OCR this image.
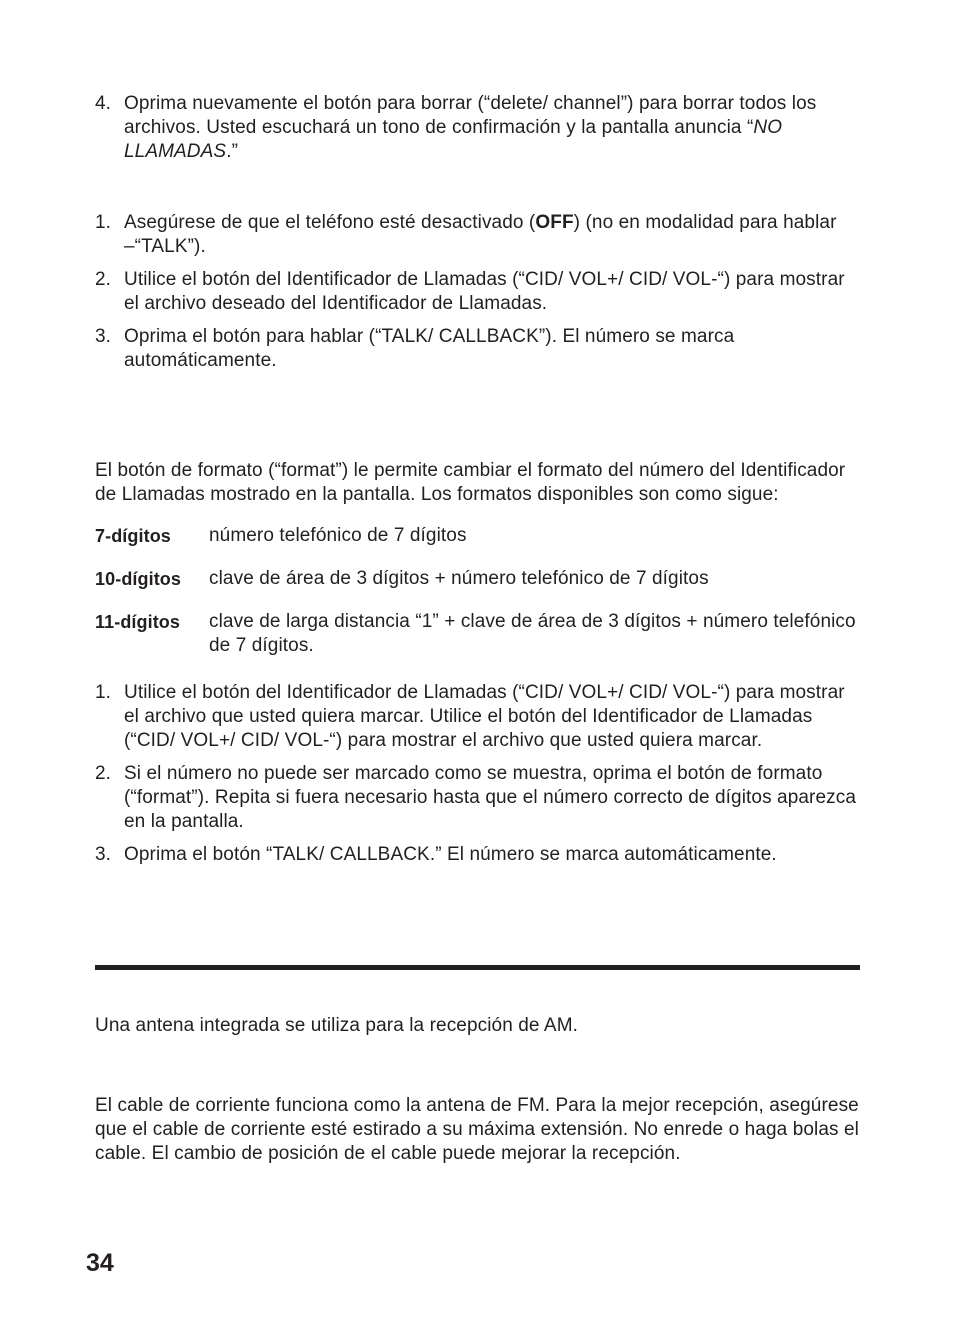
4. Oprima nuevamente el botón para borrar (“delete/ channel”) para borrar todos los archivos. Usted escuchará un tono de confirmación y la pantalla anuncia “NO LLAMADAS.”

1. Asegúrese de que el teléfono esté desactivado (OFF) (no en modalidad para hablar –“TALK”).

2. Utilice el botón del Identificador de Llamadas (“CID/ VOL+/ CID/ VOL-“) para mostrar el archivo deseado del Identificador de Llamadas.

3. Oprima el botón para hablar (“TALK/ CALLBACK”). El número se marca automáticamente.

El botón de formato (“format”) le permite cambiar el formato del número del Identificador de Llamadas mostrado en la pantalla. Los formatos disponibles son como sigue:

7-dígitos número telefónico de 7 dígitos

10-dígitos clave de área de 3 dígitos + número telefónico de 7 dígitos

11-dígitos clave de larga distancia “1” + clave de área de 3 dígitos + número telefónico de 7 dígitos.

1. Utilice el botón del Identificador de Llamadas (“CID/ VOL+/ CID/ VOL-“) para mostrar el archivo que usted quiera marcar. Utilice el botón del Identificador de Llamadas (“CID/ VOL+/ CID/ VOL-“) para mostrar el archivo que usted quiera marcar.

2. Si el número no puede ser marcado como se muestra, oprima el botón de formato (“format”). Repita si fuera necesario hasta que el número correcto de dígitos aparezca en la pantalla.

3. Oprima el botón “TALK/ CALLBACK.” El número se marca automáticamente.

Una antena integrada se utiliza para la recepción de AM.

El cable de corriente funciona como la antena de FM. Para la mejor recepción, asegúrese que el cable de corriente esté estirado a su máxima extensión. No enrede o haga bolas el cable. El cambio de posición de el cable puede mejorar la recepción.

34
